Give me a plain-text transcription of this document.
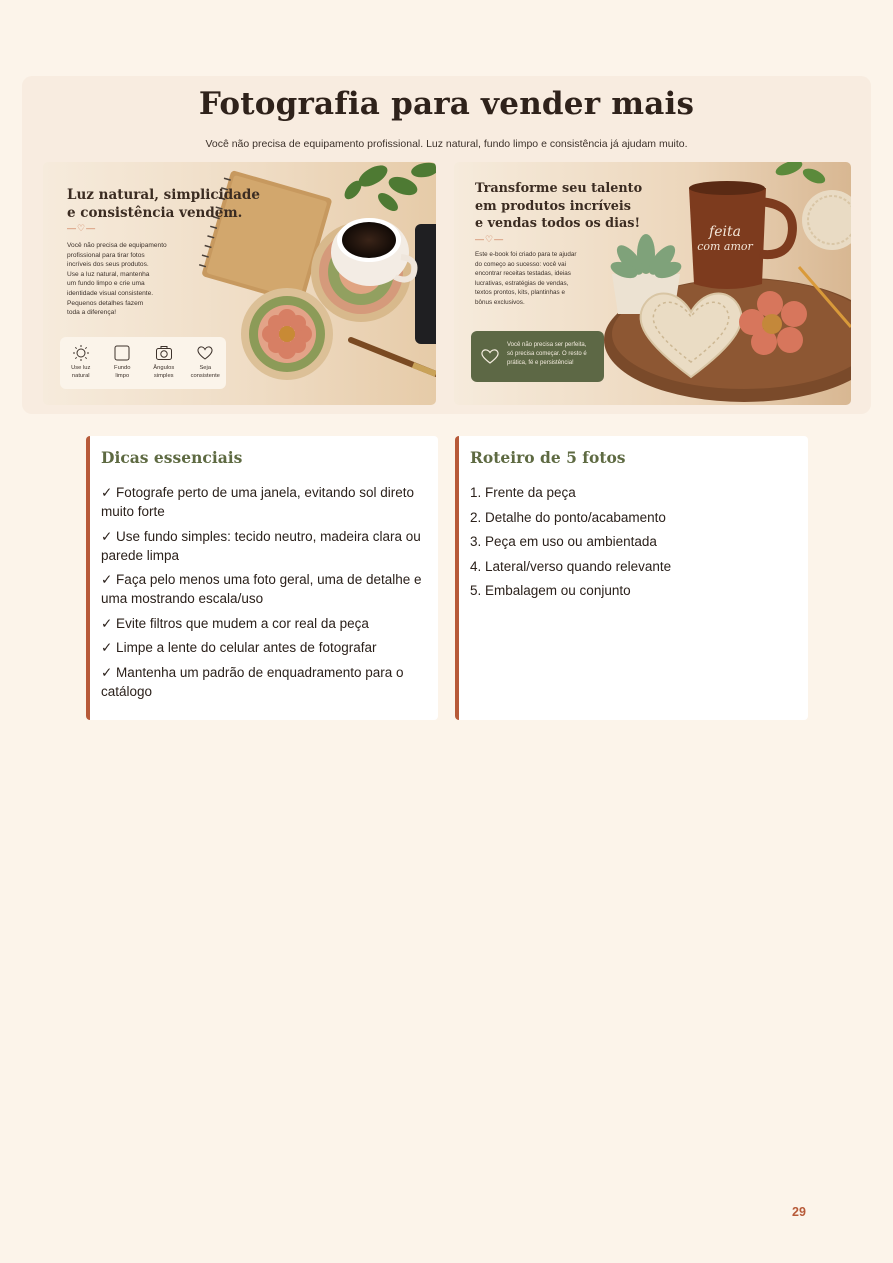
Fotografia para vender mais

Você não precisa de equipamento profissional. Luz natural, fundo limpo e consistência já ajudam muito.

Luz natural, simplicidade
e consistência vendem.
—♡—

Você não precisa de equipamento
profissional para tirar fotos
incríveis dos seus produtos.
Use a luz natural, mantenha
um fundo limpo e crie uma
identidade visual consistente.
Pequenos detalhes fazem
toda a diferença!

Use luz
natural
Fundo
limpo
Ângulos
simples
Seja
consistente
feita
com amor
Transforme seu talento
em produtos incríveis
e vendas todos os dias!
—♡—

Este e-book foi criado para te ajudar
do começo ao sucesso: você vai
encontrar receitas testadas, ideias
lucrativas, estratégias de vendas,
textos prontos, kits, plantinhas e
bônus exclusivos.

Você não precisa ser perfeita,
só precisa começar. O resto é
prática, fé e persistência!
Dicas essenciais
✓ Fotografe perto de uma janela, evitando sol direto muito forte
✓ Use fundo simples: tecido neutro, madeira clara ou parede limpa
✓ Faça pelo menos uma foto geral, uma de detalhe e uma mostrando escala/uso
✓ Evite filtros que mudem a cor real da peça
✓ Limpe a lente do celular antes de fotografar
✓ Mantenha um padrão de enquadramento para o catálogo
Roteiro de 5 fotos
1. Frente da peça
2. Detalhe do ponto/acabamento
3. Peça em uso ou ambientada
4. Lateral/verso quando relevante
5. Embalagem ou conjunto
29
